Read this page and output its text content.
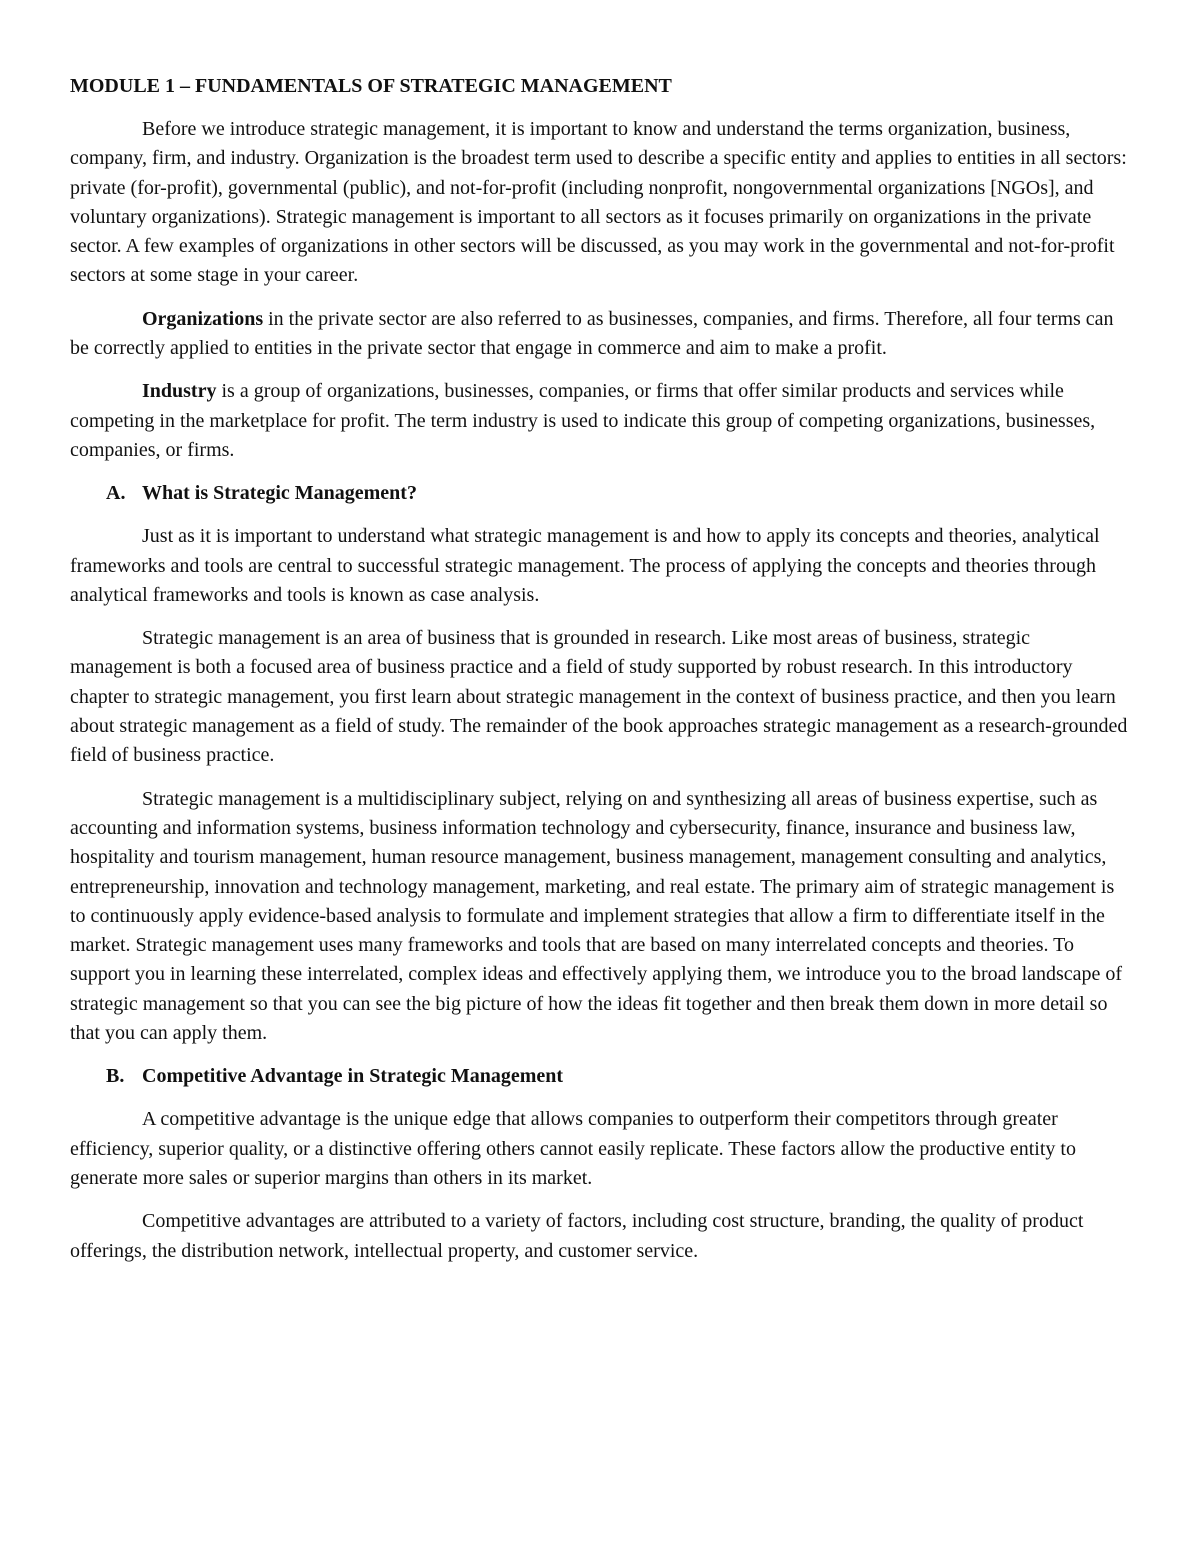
MODULE 1 – FUNDAMENTALS OF STRATEGIC MANAGEMENT

Before we introduce strategic management, it is important to know and understand the terms organization, business, company, firm, and industry. Organization is the broadest term used to describe a specific entity and applies to entities in all sectors: private (for-profit), governmental (public), and not-for-profit (including nonprofit, nongovernmental organizations [NGOs], and voluntary organizations). Strategic management is important to all sectors as it focuses primarily on organizations in the private sector. A few examples of organizations in other sectors will be discussed, as you may work in the governmental and not-for-profit sectors at some stage in your career.

Organizations in the private sector are also referred to as businesses, companies, and firms. Therefore, all four terms can be correctly applied to entities in the private sector that engage in commerce and aim to make a profit.

Industry is a group of organizations, businesses, companies, or firms that offer similar products and services while competing in the marketplace for profit. The term industry is used to indicate this group of competing organizations, businesses, companies, or firms.

A. What is Strategic Management?

Just as it is important to understand what strategic management is and how to apply its concepts and theories, analytical frameworks and tools are central to successful strategic management. The process of applying the concepts and theories through analytical frameworks and tools is known as case analysis.

Strategic management is an area of business that is grounded in research. Like most areas of business, strategic management is both a focused area of business practice and a field of study supported by robust research. In this introductory chapter to strategic management, you first learn about strategic management in the context of business practice, and then you learn about strategic management as a field of study. The remainder of the book approaches strategic management as a research-grounded field of business practice.

Strategic management is a multidisciplinary subject, relying on and synthesizing all areas of business expertise, such as accounting and information systems, business information technology and cybersecurity, finance, insurance and business law, hospitality and tourism management, human resource management, business management, management consulting and analytics, entrepreneurship, innovation and technology management, marketing, and real estate. The primary aim of strategic management is to continuously apply evidence-based analysis to formulate and implement strategies that allow a firm to differentiate itself in the market. Strategic management uses many frameworks and tools that are based on many interrelated concepts and theories. To support you in learning these interrelated, complex ideas and effectively applying them, we introduce you to the broad landscape of strategic management so that you can see the big picture of how the ideas fit together and then break them down in more detail so that you can apply them.

B. Competitive Advantage in Strategic Management

A competitive advantage is the unique edge that allows companies to outperform their competitors through greater efficiency, superior quality, or a distinctive offering others cannot easily replicate. These factors allow the productive entity to generate more sales or superior margins than others in its market.

Competitive advantages are attributed to a variety of factors, including cost structure, branding, the quality of product offerings, the distribution network, intellectual property, and customer service.
